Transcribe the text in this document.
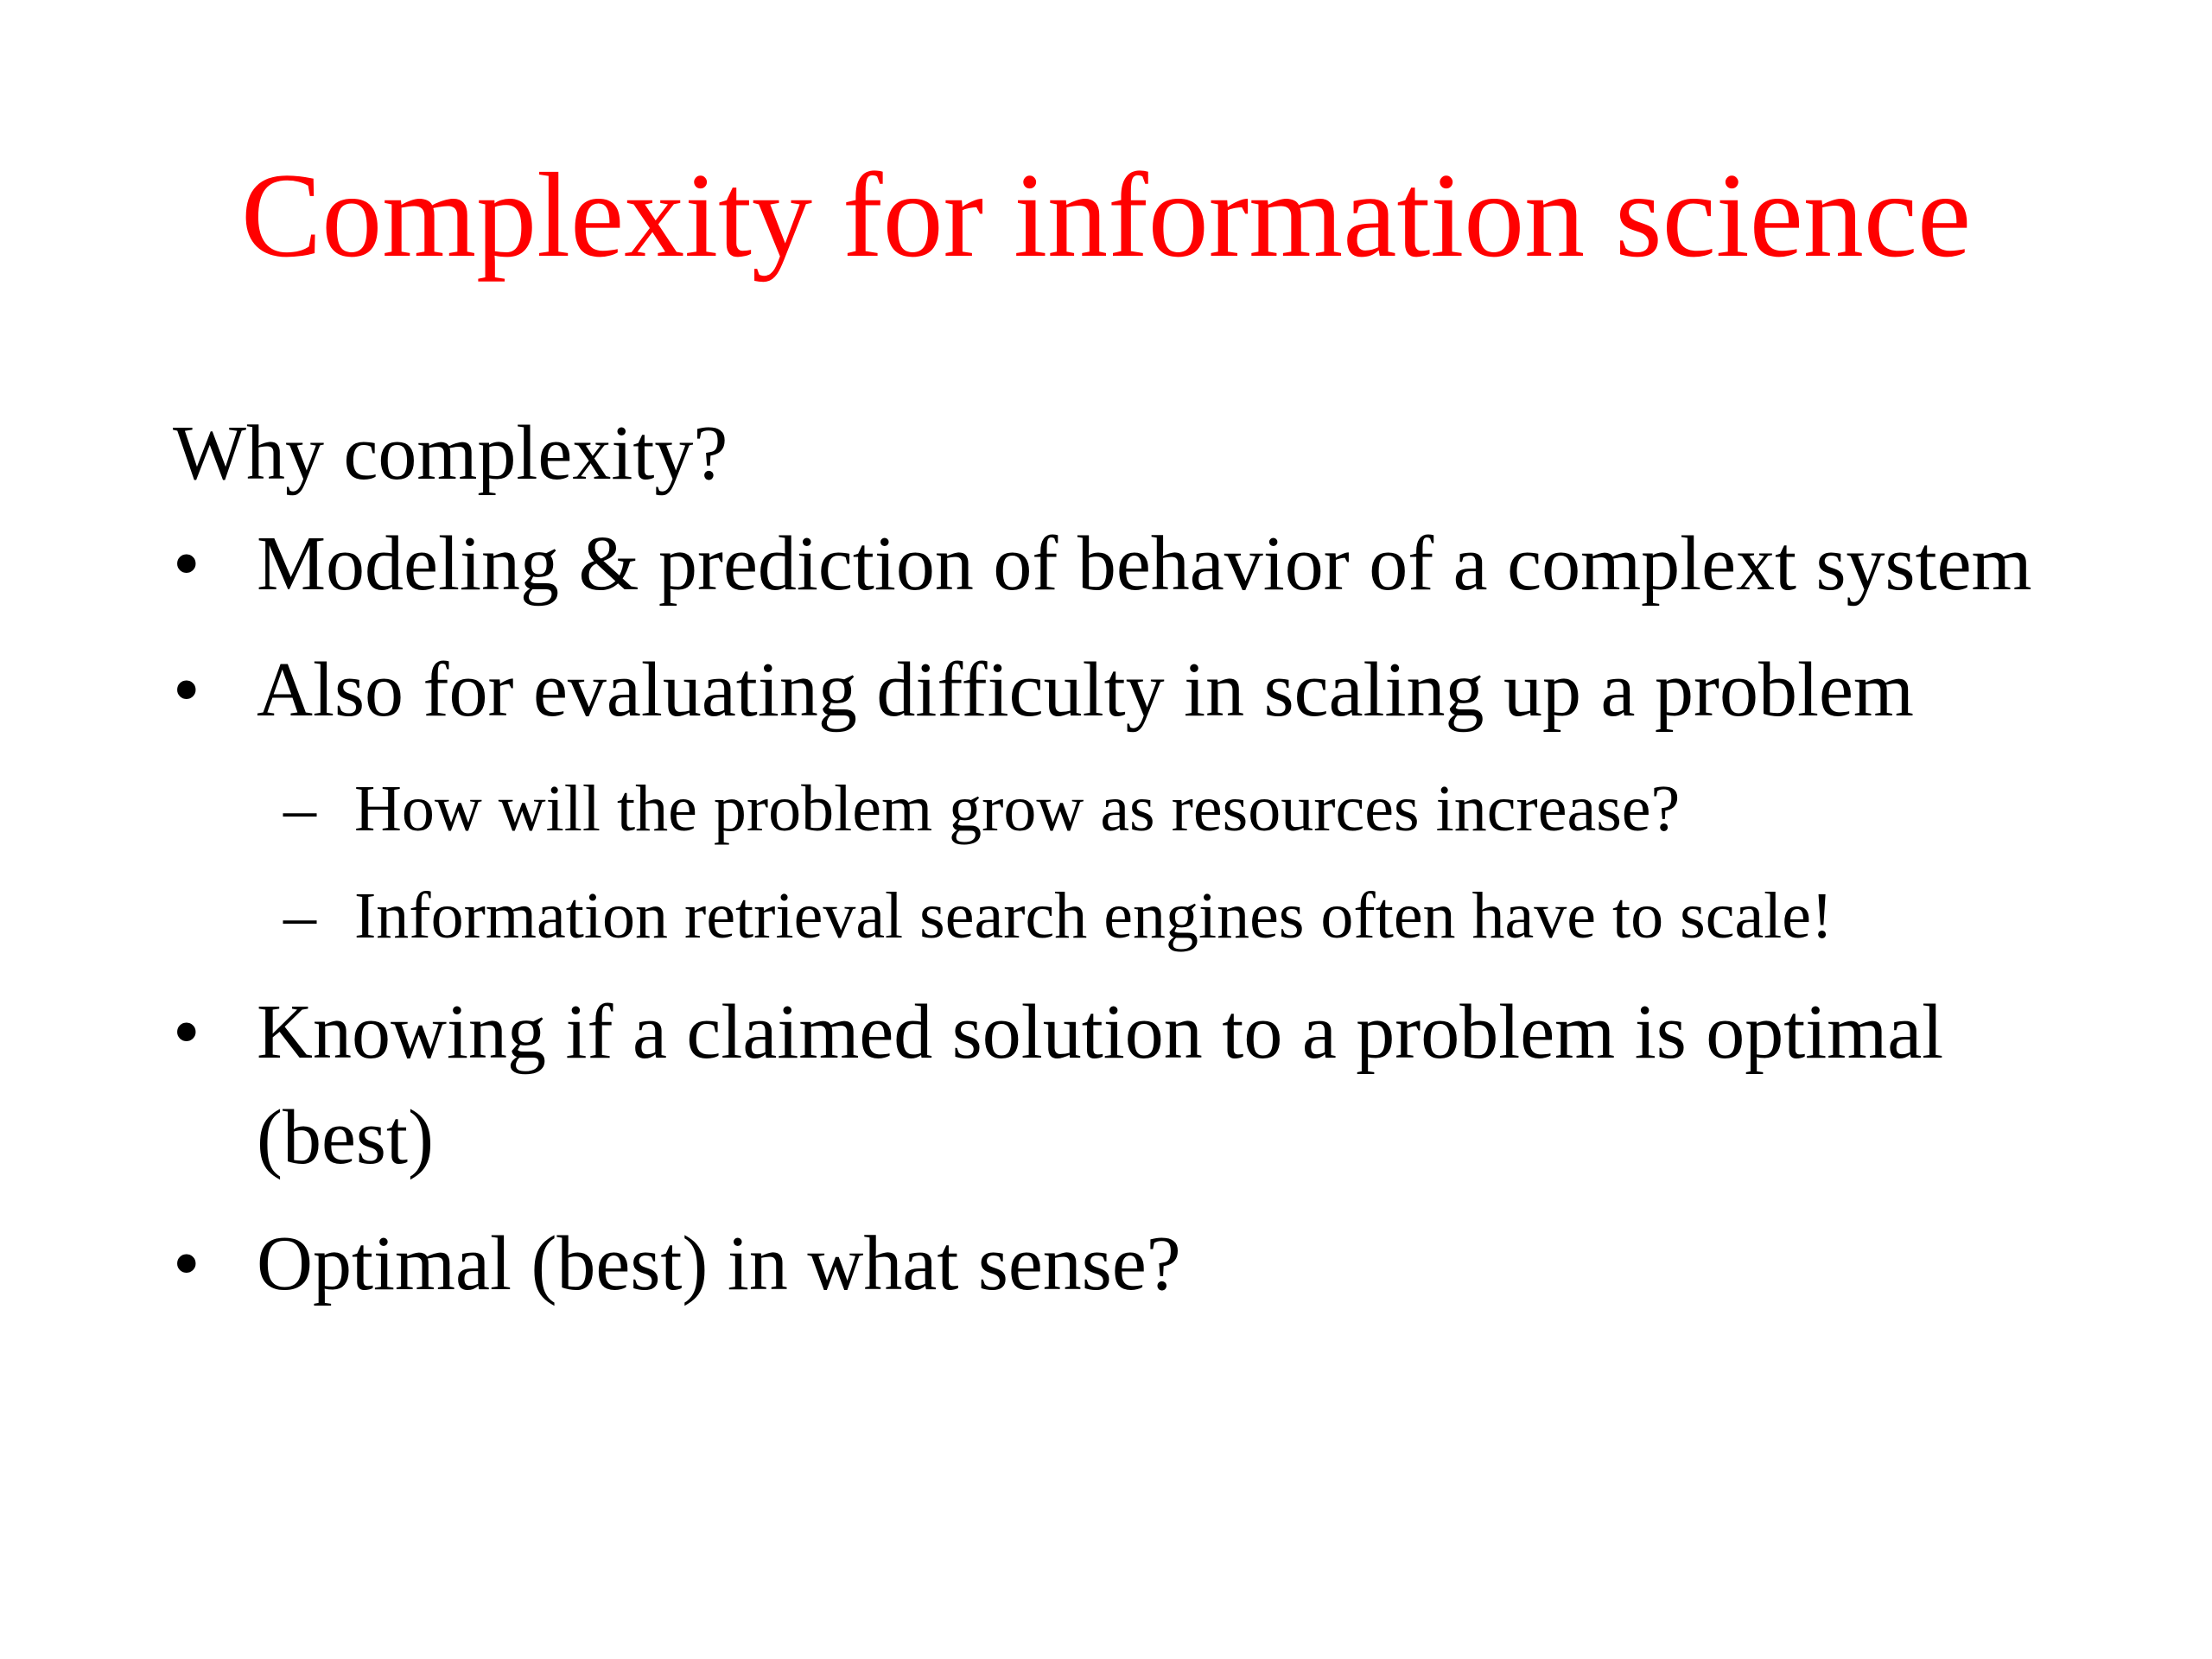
Complexity for information science
Why complexity?
• Modeling & prediction of behavior of a complext system
• Also for evaluating difficulty in scaling up a problem
– How will the problem grow as resources increase?
– Information retrieval search engines often have to scale!
• Knowing if a claimed solution to a problem is optimal (best)
• Optimal (best) in what sense?
